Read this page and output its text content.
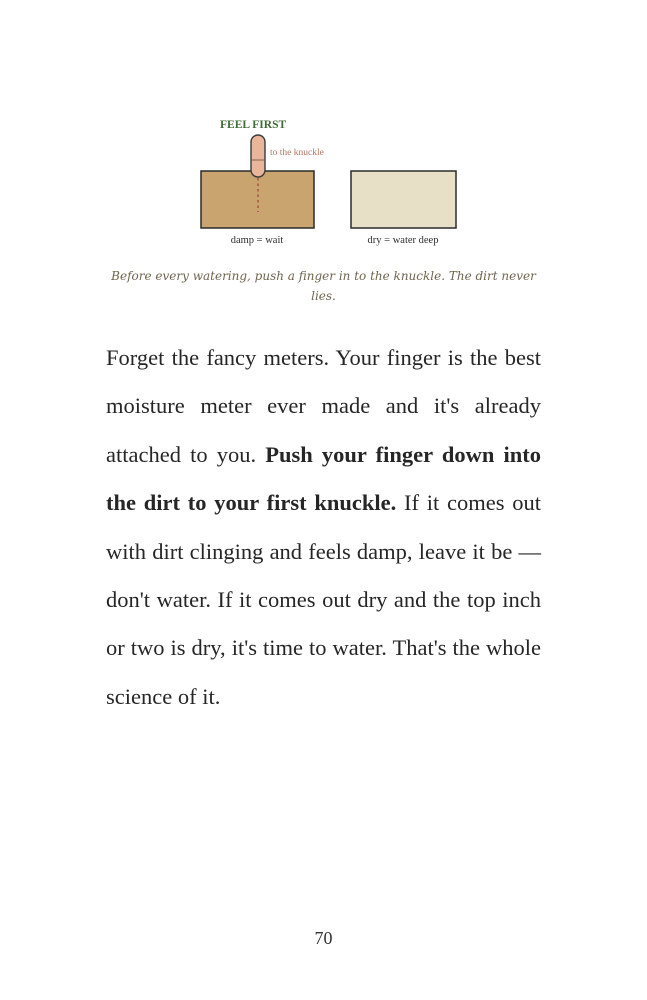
FEEL FIRST
to the knuckle
damp = wait	dry = water deep
Before every watering, push a finger in to the knuckle. The dirt never lies.

Forget the fancy meters. Your finger is the best moisture meter ever made and it's already attached to you. Push your finger down into the dirt to your first knuckle. If it comes out with dirt clinging and feels damp, leave it be — don't water. If it comes out dry and the top inch or two is dry, it's time to water. That's the whole science of it.

70
